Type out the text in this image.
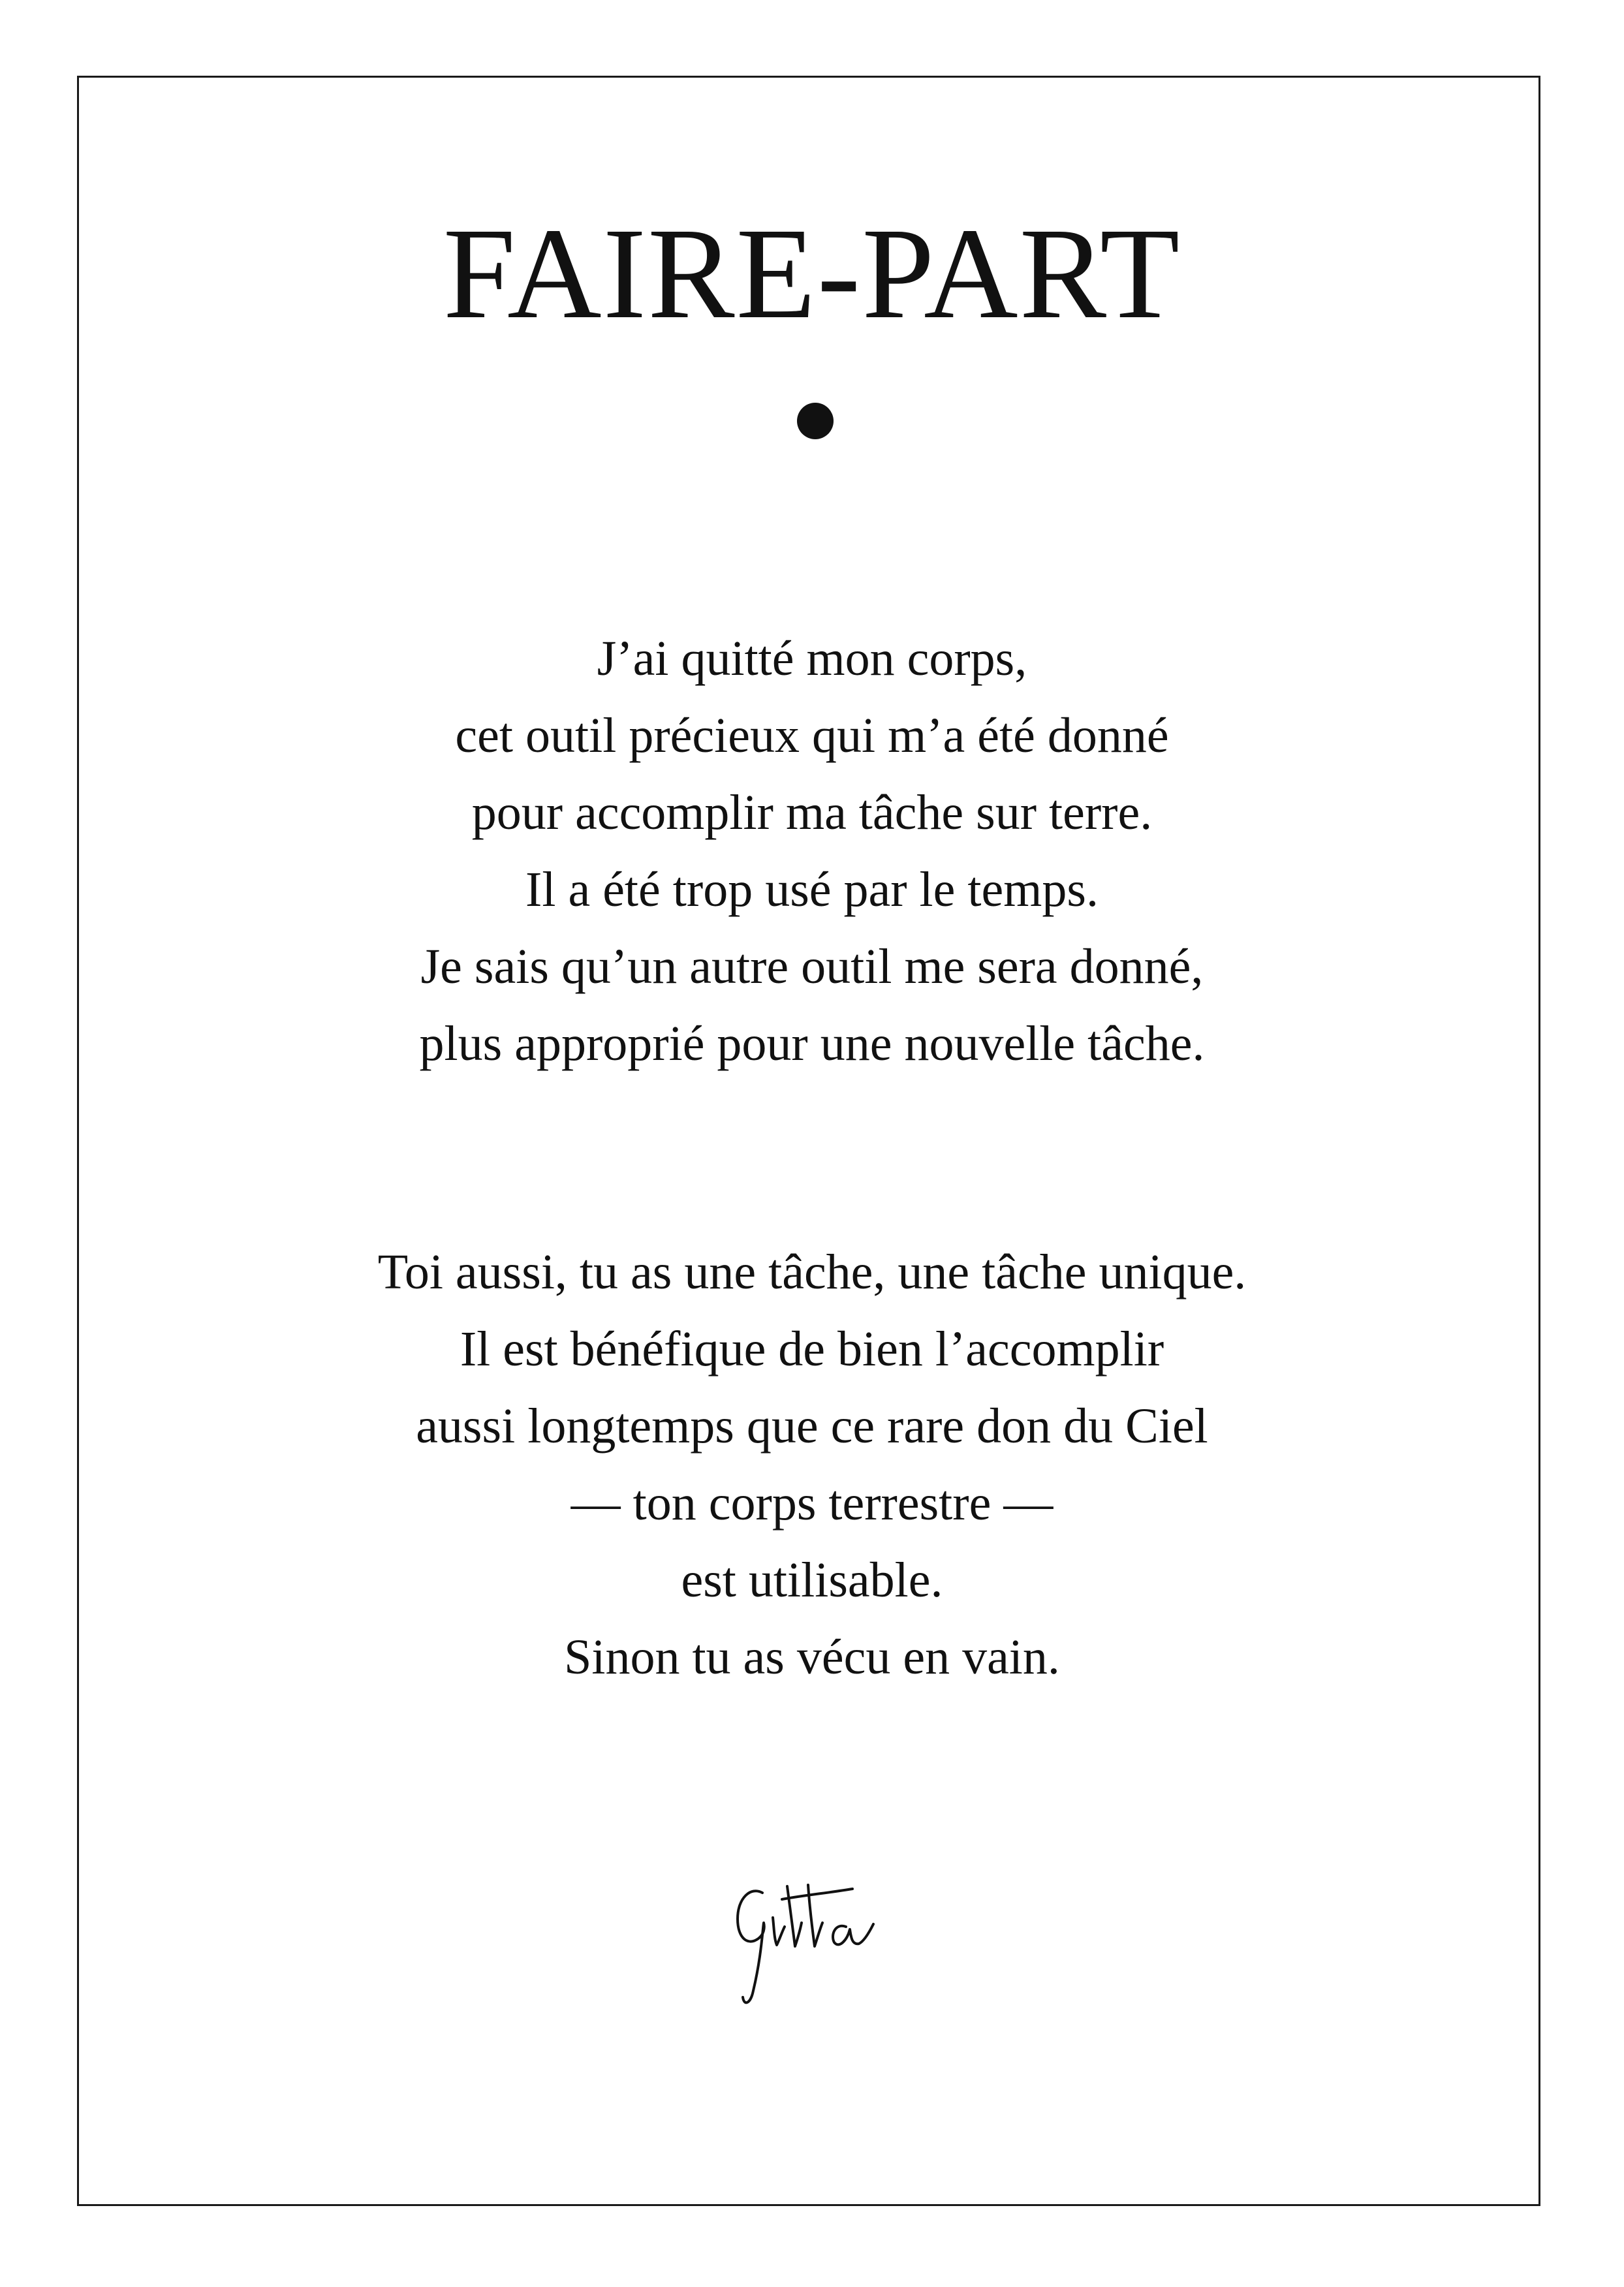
FAIRE-PART
J’ai quitté mon corps,
cet outil précieux qui m’a été donné
pour accomplir ma tâche sur terre.
Il a été trop usé par le temps.
Je sais qu’un autre outil me sera donné,
plus approprié pour une nouvelle tâche.
Toi aussi, tu as une tâche, une tâche unique.
Il est bénéfique de bien l’accomplir
aussi longtemps que ce rare don du Ciel
— ton corps terrestre —
est utilisable.
Sinon tu as vécu en vain.
